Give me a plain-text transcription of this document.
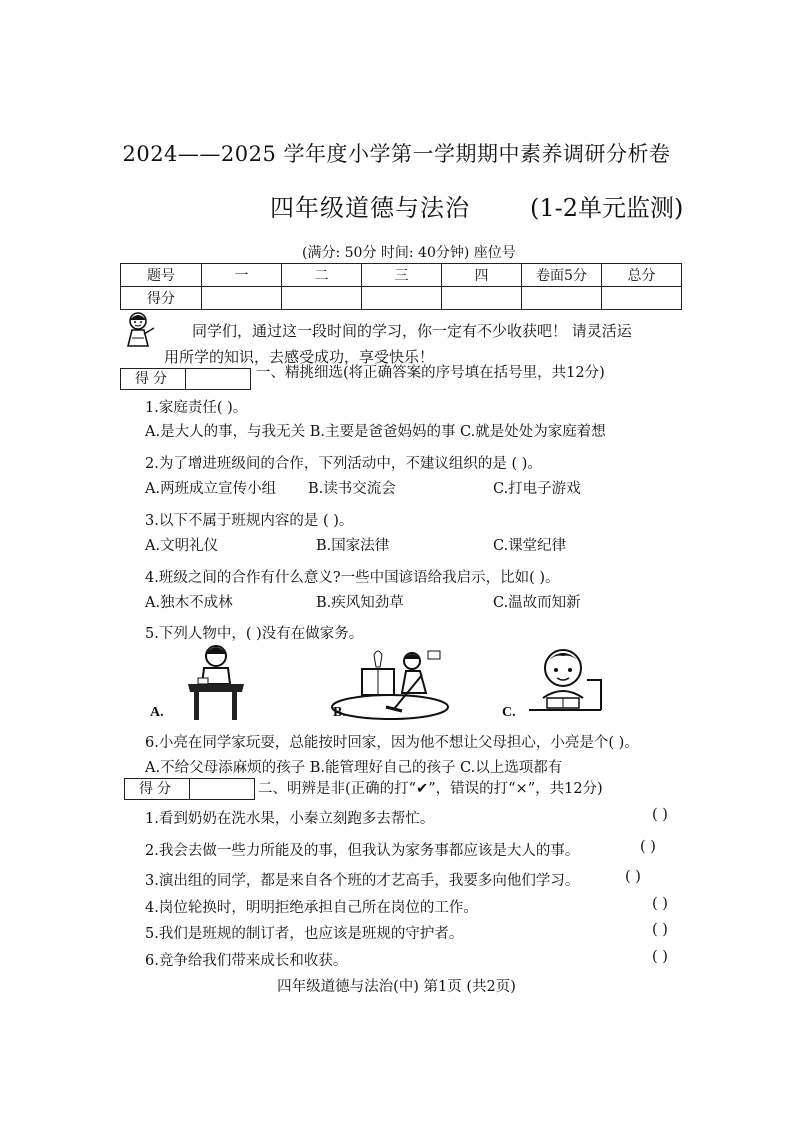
2024——2025 学年度小学第一学期期中素养调研分析卷
四年级道德与法治	(1-2单元监测)
(满分: 50分 时间: 40分钟) 座位号
题号	一	二	三	四	卷面5分	总分
得分						
同学们，通过这一段时间的学习，你一定有不少收获吧！ 请灵活运
用所学的知识，去感受成功，享受快乐！
得分	一、精挑细选(将正确答案的序号填在括号里，共12分)
1.家庭责任( )。
A.是大人的事，与我无关 B.主要是爸爸妈妈的事 C.就是处处为家庭着想
2.为了增进班级间的合作，下列活动中，不建议组织的是 ( )。
A.两班成立宣传小组 B.读书交流会	C.打电子游戏
3.以下不属于班规内容的是 ( )。
A.文明礼仪	B.国家法律	C.课堂纪律
4.班级之间的合作有什么意义?一些中国谚语给我启示，比如( )。
A.独木不成林	B.疾风知劲草	C.温故而知新
5.下列人物中，( )没有在做家务。
A.	B.	C.
6.小亮在同学家玩耍，总能按时回家，因为他不想让父母担心，小亮是个( )。
A.不给父母添麻烦的孩子 B.能管理好自己的孩子 C.以上选项都有
得分	二、明辨是非(正确的打“✔”，错误的打“×”，共12分)
1.看到奶奶在洗水果，小秦立刻跑多去帮忙。	( )
2.我会去做一些力所能及的事，但我认为家务事都应该是大人的事。	( )
3.演出组的同学，都是来自各个班的才艺高手，我要多向他们学习。	( )
4.岗位轮换时，明明拒绝承担自己所在岗位的工作。	( )
5.我们是班规的制订者，也应该是班规的守护者。	( )
6.竞争给我们带来成长和收获。	( )
四年级道德与法治(中) 第1页 (共2页)
